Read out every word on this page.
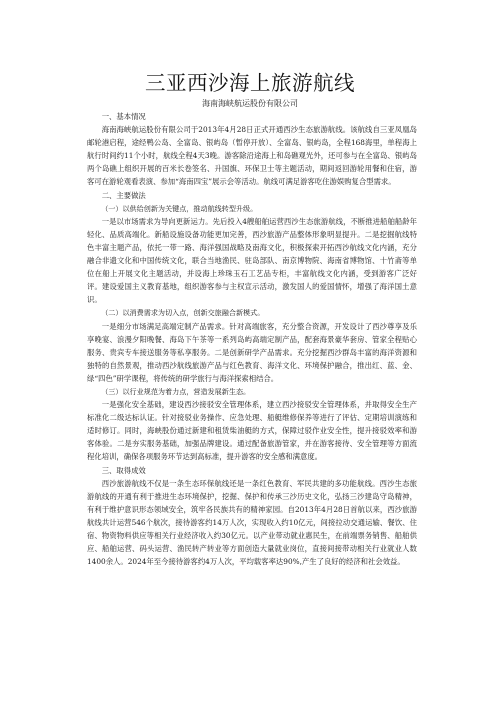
三亚西沙海上旅游航线
海南海峡航运股份有限公司
一、基本情况

海南海峡航运股份有限公司于2013年4月28日正式开通西沙生态旅游航线。该航线自三亚凤凰岛邮轮港启程，途经鸭公岛、全富岛、银屿岛（暂停开放）、全富岛、银屿岛，全程168海里，单程海上航行时间约11个小时，航线全程4天3晚。游客除沿途海上和岛礁观光外，还可参与在全富岛、银屿岛两个岛礁上组织开展的百米长卷签名、升国旗、环保卫士等主题活动，期间返回游轮用餐和住宿，游客可在游轮观看表演、参加“海南四宝”展示会等活动。航线可满足游客吃住游娱购复合型需求。

二、主要做法
（一）以供给创新为关键点，推动航线转型升级。

一是以市场需求为导向更新运力。先后投入4艘船舶运营西沙生态旅游航线，不断推进船舶船龄年轻化、品质高端化。新船设施设备功能更加完善，西沙旅游产品整体形象明显提升。二是挖掘航线特色丰富主题产品，依托一带一路、海洋强国战略及南海文化，积极探索开拓西沙航线文化内涵，充分融合非遗文化和中国传统文化，联合当地渔民、驻岛部队、南京博物院、海南省博物馆、十竹斋等单位在船上开展文化主题活动，并设海上珍珠玉石工艺品专柜，丰富航线文化内涵，受到游客广泛好评。建设爱国主义教育基地，组织游客参与主权宣示活动，激发国人的爱国情怀，增强了海洋国土意识。

（二）以消费需求为切入点，创新交旅融合新模式。

一是细分市场满足高端定制产品需求。针对高端旅客，充分整合资源，开发设计了西沙尊享及乐享晚宴、浪漫夕阳晚餐、海岛下午茶等一系列岛屿高端定制产品，配套海景豪华套房、管家全程贴心服务、贵宾专车接送服务等私享服务。二是创新研学产品需求。充分挖掘西沙群岛丰富的海洋资源和独特的自然景观，推动西沙航线旅游产品与红色教育、海洋文化、环境保护融合，推出红、蓝、金、绿“四色”研学课程，将传统的研学旅行与海洋探索相结合。

（三）以行业规范为着力点，营造发展新生态。

一是强化安全基础，建设西沙接驳安全管理体系，建立西沙接驳安全管理体系，并取得安全生产标准化二级达标认证。针对接驳业务操作、应急处理、船艇维修保养等进行了评估、定期培训演练和适时修订。同时，海峡股份通过新建和租赁柴油艇的方式，保障过驳作业安全性，提升接驳效率和游客体验。二是夯实服务基础，加强品牌建设。通过配备旅游管家，并在游客接待、安全管理等方面流程化培训，确保各项服务环节达到高标准，提升游客的安全感和满意度。

三、取得成效

西沙旅游航线不仅是一条生态环保航线还是一条红色教育、军民共建的多功能航线。西沙生态旅游航线的开通有利于推进生态环境保护，挖掘、保护和传承三沙历史文化，弘扬三沙建岛守岛精神，有利于维护意识形态领域安全，筑牢各民族共有的精神家园。自2013年4月28日首航以来，西沙旅游航线共计运营546个航次，接待游客约14万人次，实现收入约10亿元，间接拉动交通运输、餐饮、住宿、物资物料供应等相关行业经济收入约30亿元。以产业带动就业惠民生，在前端票务销售、船舶供应、船舶运营、码头运营、渔民转产转业等方面创造大量就业岗位，直接间接带动相关行业就业人数1400余人。2024年至今接待游客约4万人次，平均载客率达90%,产生了良好的经济和社会效益。
